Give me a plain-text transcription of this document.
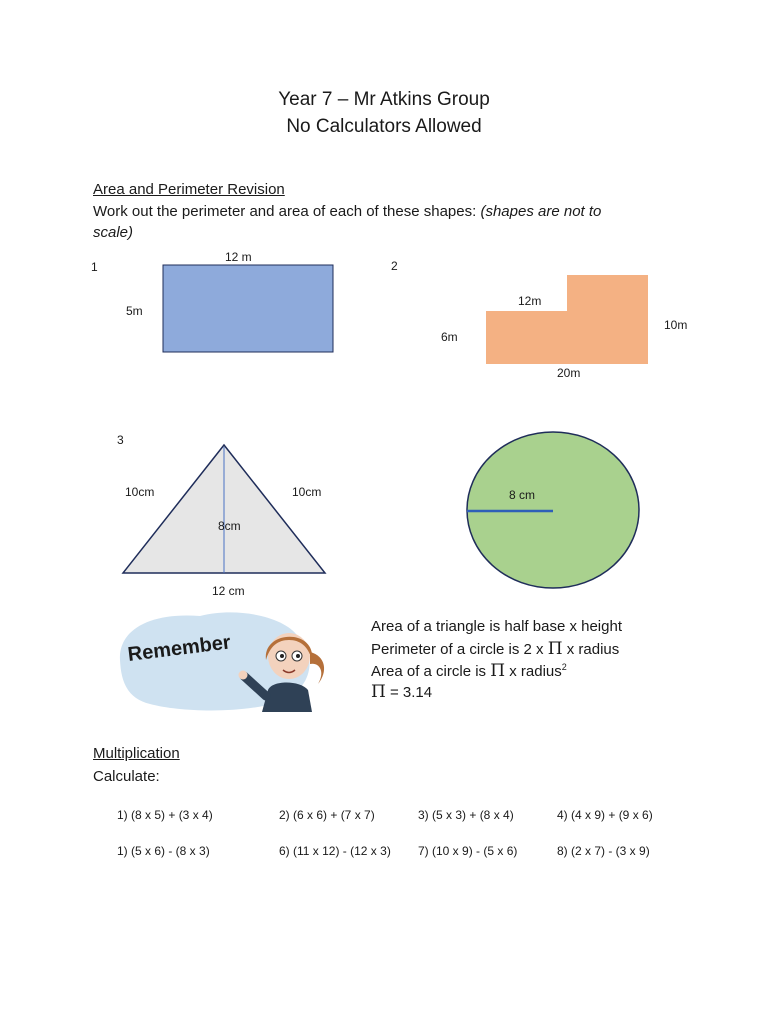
Year 7 – Mr Atkins Group
No Calculators Allowed
Area and Perimeter Revision
Work out the perimeter and area of each of these shapes: (shapes are not to
scale)
1
12 m
5m
2
12m
6m
10m
20m
3
10cm	10cm
8cm
12 cm
8 cm
Remember
Area of a triangle is half base x height
Perimeter of a circle is 2 x Π x radius
Area of a circle is Π x radius$^2$
Π = 3.14
Multiplication
Calculate:
1) (8 x 5) + (3 x 4)	2) (6 x 6) + (7 x 7)	3) (5 x 3) + (8 x 4)	4) (4 x 9) + (9 x 6)
1) (5 x 6) - (8 x 3)	6) (11 x 12) - (12 x 3) 7) (10 x 9) - (5 x 6)	8) (2 x 7) - (3 x 9)
